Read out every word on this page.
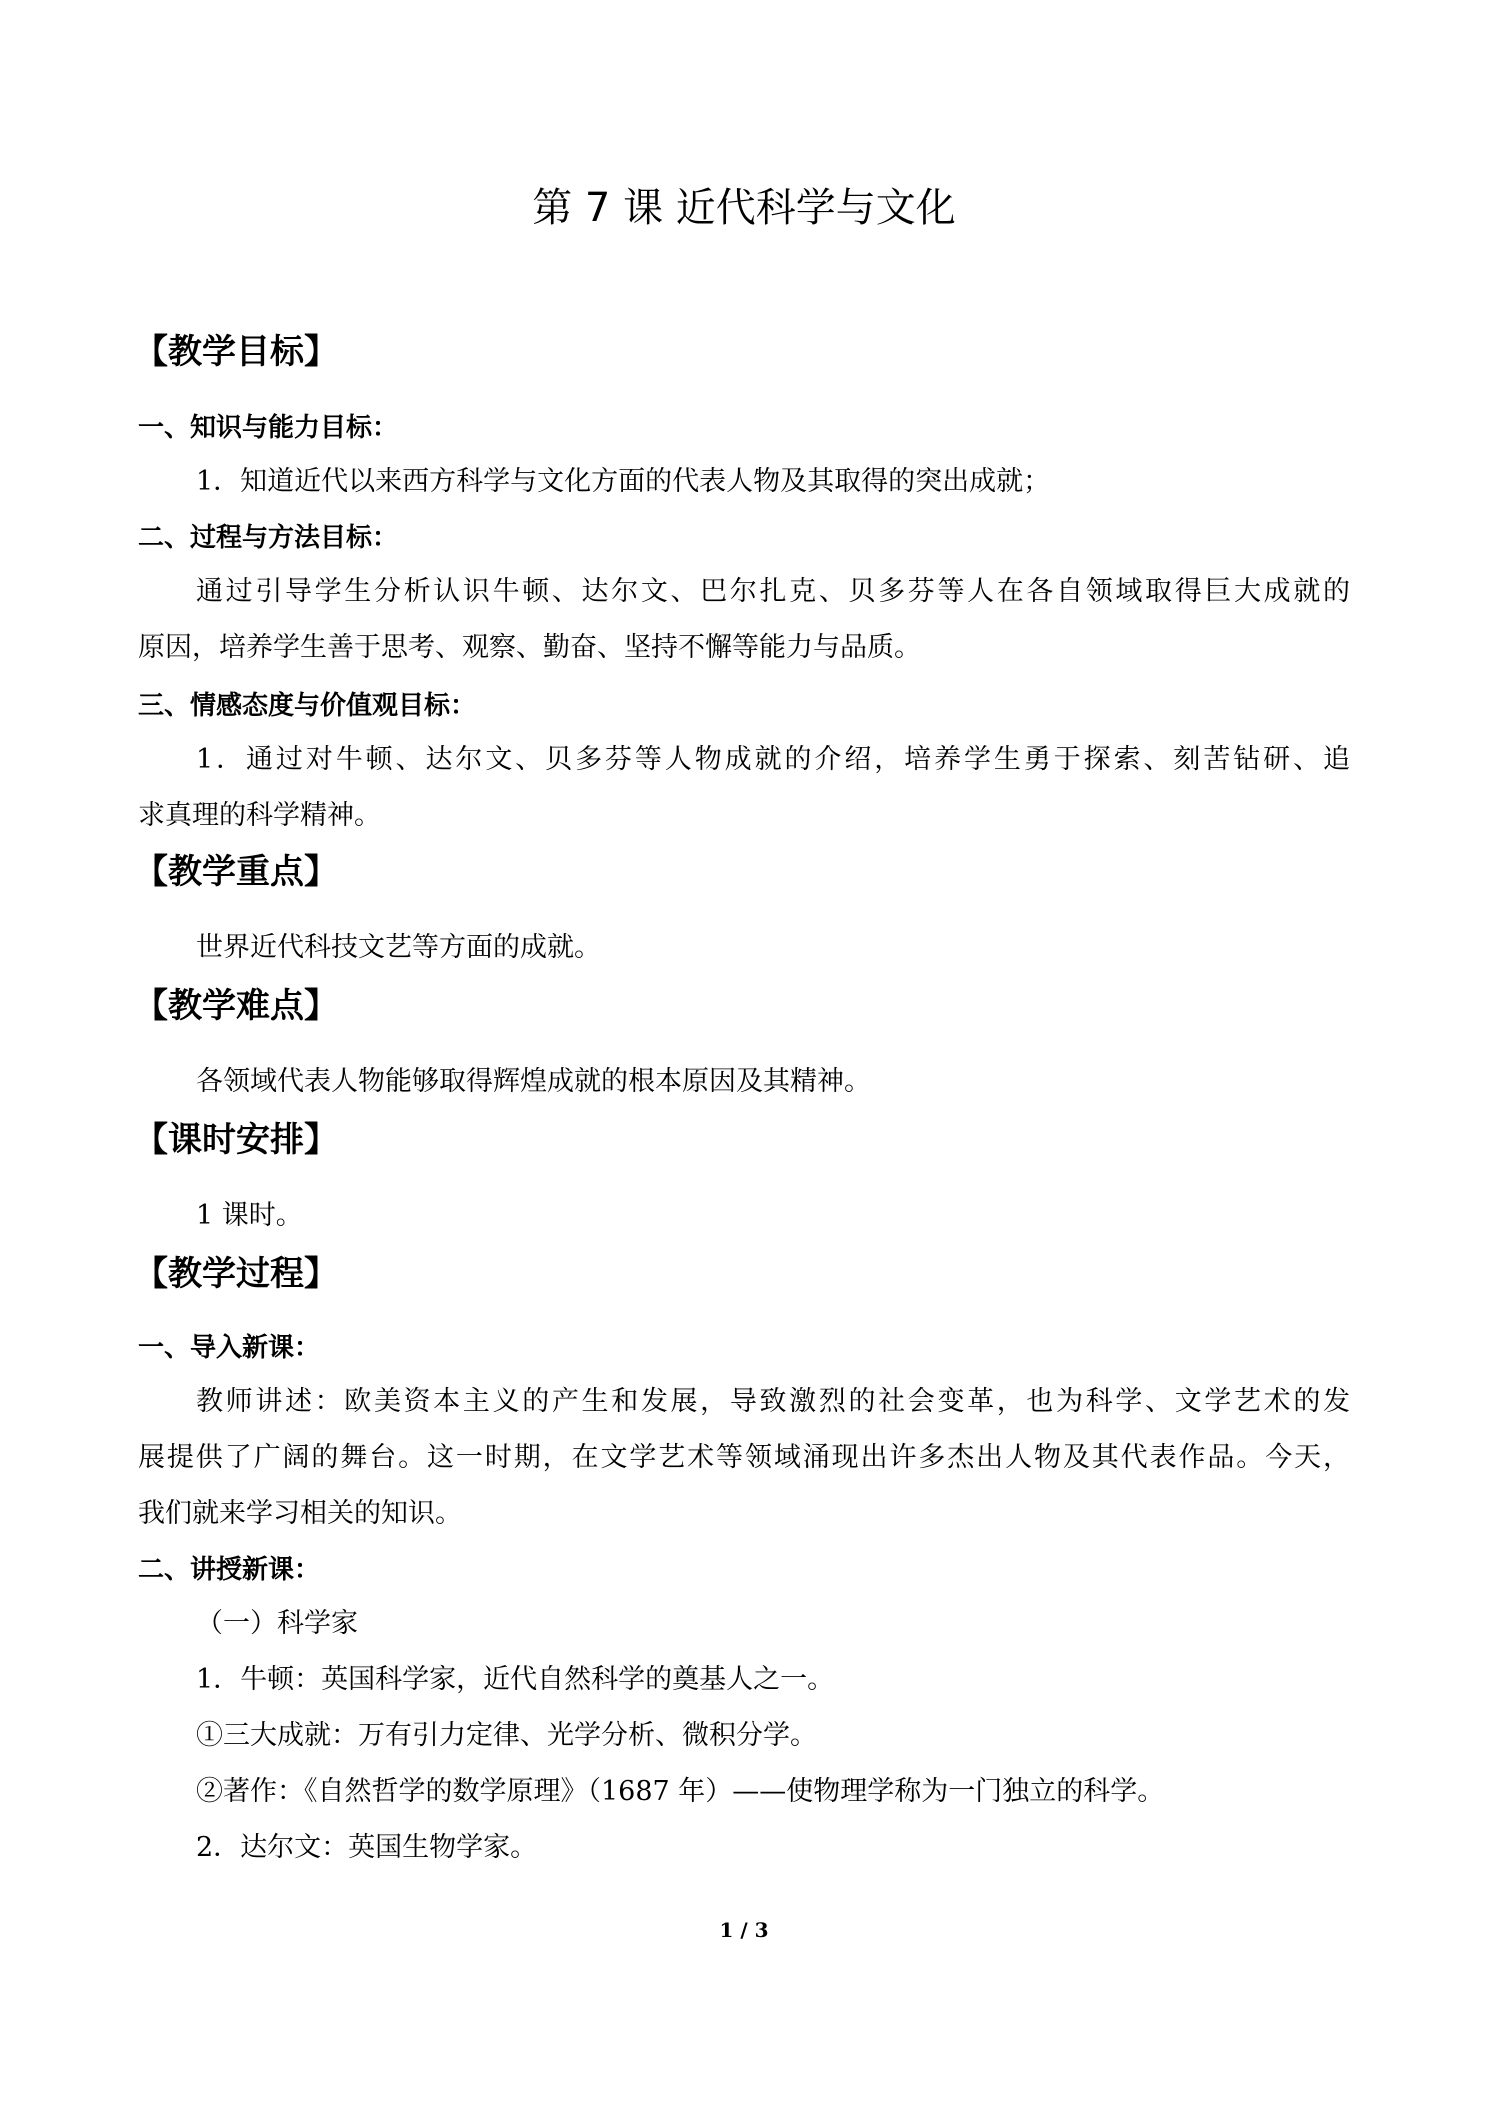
第 7 课 近代科学与文化
【教学目标】
一、知识与能力目标：
1．知道近代以来西方科学与文化方面的代表人物及其取得的突出成就；
二、过程与方法目标：
通过引导学生分析认识牛顿、达尔文、巴尔扎克、贝多芬等人在各自领域取得巨大成就的
原因，培养学生善于思考、观察、勤奋、坚持不懈等能力与品质。
三、情感态度与价值观目标：
1．通过对牛顿、达尔文、贝多芬等人物成就的介绍，培养学生勇于探索、刻苦钻研、追
求真理的科学精神。
【教学重点】
世界近代科技文艺等方面的成就。
【教学难点】
各领域代表人物能够取得辉煌成就的根本原因及其精神。
【课时安排】
1 课时。
【教学过程】
一、导入新课：
教师讲述：欧美资本主义的产生和发展，导致激烈的社会变革，也为科学、文学艺术的发
展提供了广阔的舞台。这一时期，在文学艺术等领域涌现出许多杰出人物及其代表作品。今天，
我们就来学习相关的知识。
二、讲授新课：
（一）科学家
1．牛顿：英国科学家，近代自然科学的奠基人之一。
①三大成就：万有引力定律、光学分析、微积分学。
②著作：《自然哲学的数学原理》（1687 年）——使物理学称为一门独立的科学。
2．达尔文：英国生物学家。
1 / 3
